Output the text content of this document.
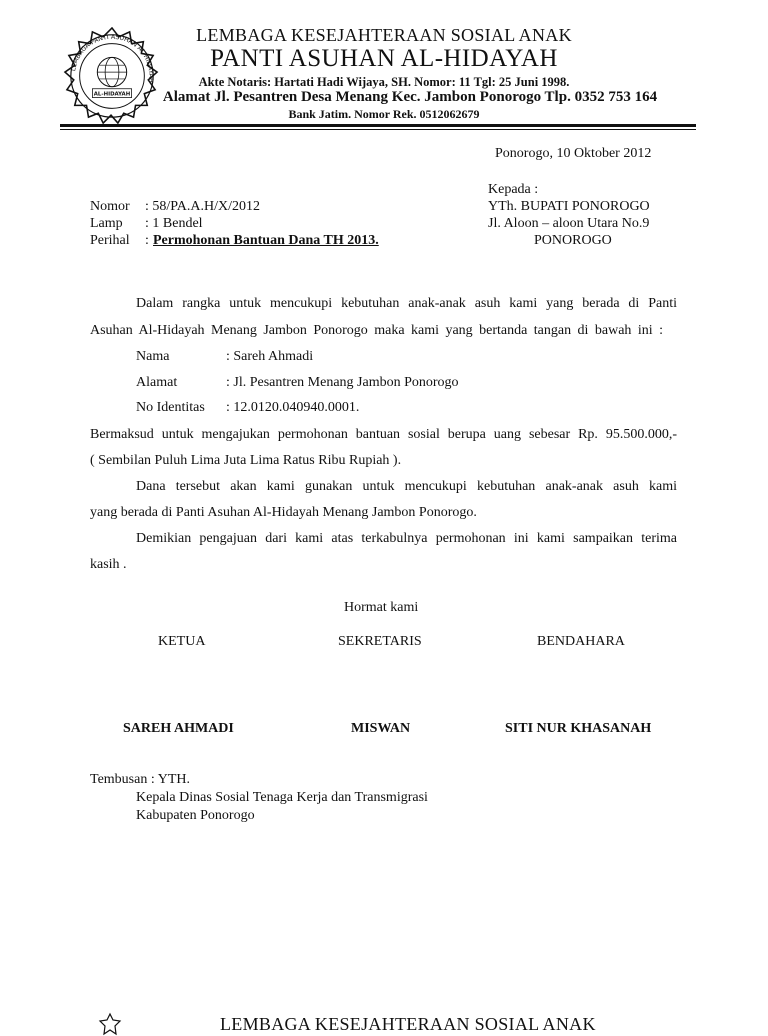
LEMBAGA PANTI ASUHAN AL-HIDAYAH
AL-HIDAYAH
LEMBAGA KESEJAHTERAAN SOSIAL ANAK
PANTI ASUHAN AL-HIDAYAH
Akte Notaris: Hartati Hadi Wijaya, SH. Nomor: 11 Tgl: 25 Juni 1998.
Alamat Jl. Pesantren Desa Menang Kec. Jambon Ponorogo Tlp. 0352 753 164
Bank Jatim. Nomor Rek. 0512062679
Ponorogo, 10 Oktober 2012
Kepada :
YTh. BUPATI PONOROGO
Jl. Aloon – aloon Utara No.9
PONOROGO
Nomor : 58/PA.A.H/X/2012
Lamp : 1 Bendel
Perihal : Permohonan Bantuan Dana TH 2013.
Dalam rangka untuk mencukupi kebutuhan anak-anak asuh kami yang berada di Panti
Asuhan Al-Hidayah Menang Jambon Ponorogo maka kami yang bertanda tangan di bawah ini :
Nama	: Sareh Ahmadi
Alamat	: Jl. Pesantren Menang Jambon Ponorogo
No Identitas : 12.0120.040940.0001.
Bermaksud untuk mengajukan permohonan bantuan sosial berupa uang sebesar Rp. 95.500.000,-
( Sembilan Puluh Lima Juta Lima Ratus Ribu Rupiah ).
Dana tersebut akan kami gunakan untuk mencukupi kebutuhan anak-anak asuh kami
yang berada di Panti Asuhan Al-Hidayah Menang Jambon Ponorogo.
Demikian pengajuan dari kami atas terkabulnya permohonan ini kami sampaikan terima
kasih .
Hormat kami
KETUA	SEKRETARIS	BENDAHARA
SAREH AHMADI	MISWAN	SITI NUR KHASANAH
Tembusan : YTH.
Kepala Dinas Sosial Tenaga Kerja dan Transmigrasi
Kabupaten Ponorogo
LEMBAGA KESEJAHTERAAN SOSIAL ANAK
